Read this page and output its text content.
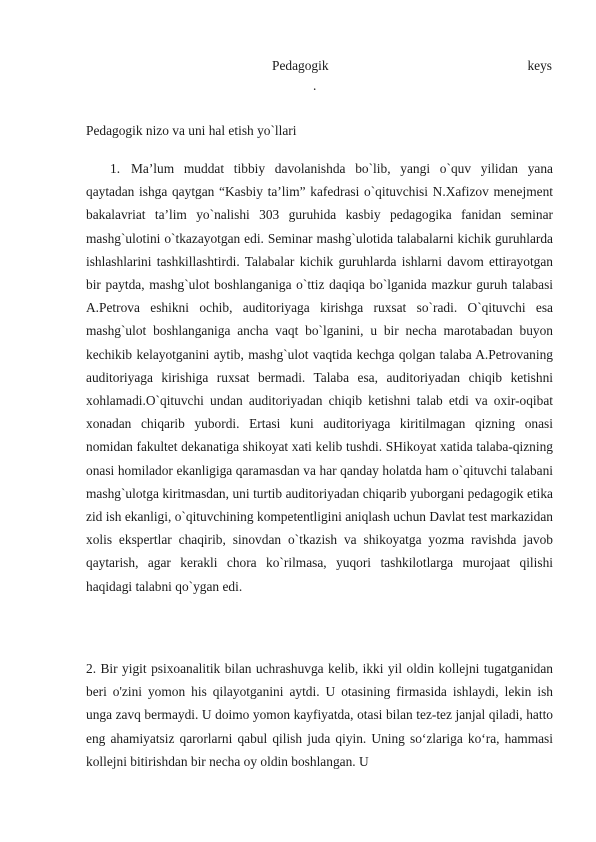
Pedagogik	keys
.
Pedagogik nizo va uni hal etish yo`llari

1. Ma’lum muddat tibbiy davolanishda bo`lib, yangi o`quv yilidan yana qaytadan ishga qaytgan “Kasbiy ta’lim” kafedrasi o`qituvchisi N.Xafizov menejment bakalavriat ta’lim yo`nalishi 303 guruhida kasbiy pedagogika fanidan seminar mashg`ulotini o`tkazayotgan edi. Seminar mashg`ulotida talabalarni kichik guruhlarda ishlashlarini tashkillashtirdi. Talabalar kichik guruhlarda ishlarni davom ettirayotgan bir paytda, mashg`ulot boshlanganiga o`ttiz daqiqa bo`lganida mazkur guruh talabasi A.Petrova eshikni ochib, auditoriyaga kirishga ruxsat so`radi. O`qituvchi esa mashg`ulot boshlanganiga ancha vaqt bo`lganini, u bir necha marotabadan buyon kechikib kelayotganini aytib, mashg`ulot vaqtida kechga qolgan talaba A.Petrovaning auditoriyaga kirishiga ruxsat bermadi. Talaba esa, auditoriyadan chiqib ketishni xohlamadi.O`qituvchi undan auditoriyadan chiqib ketishni talab etdi va oxir-oqibat xonadan chiqarib yubordi. Ertasi kuni auditoriyaga kiritilmagan qizning onasi nomidan fakultet dekanatiga shikoyat xati kelib tushdi. SHikoyat xatida talaba-qizning onasi homilador ekanligiga qaramasdan va har qanday holatda ham o`qituvchi talabani mashg`ulotga kiritmasdan, uni turtib auditoriyadan chiqarib yuborgani pedagogik etika zid ish ekanligi, o`qituvchining kompetentligini aniqlash uchun Davlat test markazidan xolis ekspertlar chaqirib, sinovdan o`tkazish va shikoyatga yozma ravishda javob qaytarish, agar kerakli chora ko`rilmasa, yuqori tashkilotlarga murojaat qilishi haqidagi talabni qo`ygan edi.

2. Bir yigit psixoanalitik bilan uchrashuvga kelib, ikki yil oldin kollejni tugatganidan beri o'zini yomon his qilayotganini aytdi. U otasining firmasida ishlaydi, lekin ish unga zavq bermaydi. U doimo yomon kayfiyatda, otasi bilan tez-tez janjal qiladi, hatto eng ahamiyatsiz qarorlarni qabul qilish juda qiyin. Uning so‘zlariga ko‘ra, hammasi kollejni bitirishdan bir necha oy oldin boshlangan. U
